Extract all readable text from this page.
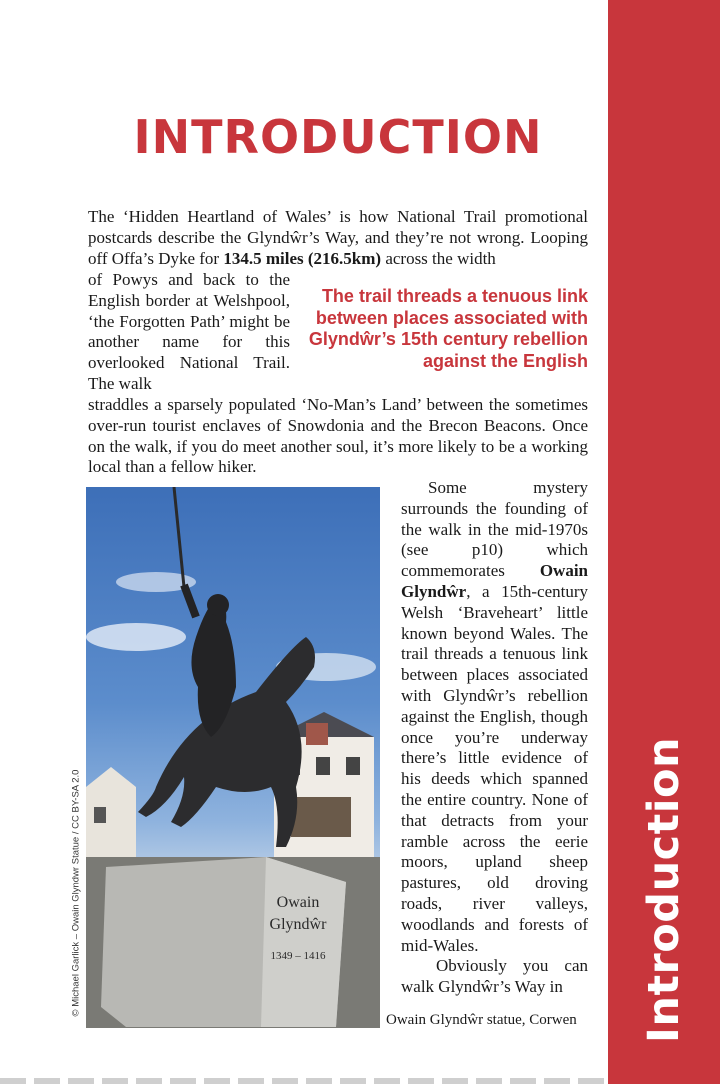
Introduction
INTRODUCTION

The ‘Hidden Heartland of Wales’ is how National Trail promotional postcards describe the Glyndŵr’s Way, and they’re not wrong. Looping off Offa’s Dyke for 134.5 miles (216.5km) across the width

of Powys and back to the English border at Welshpool, ‘the Forgotten Path’ might be another name for this overlooked National Trail. The walk

The trail threads a tenuous link between places associated with Glyndŵr’s 15th century rebellion against the English

straddles a sparsely populated ‘No-Man’s Land’ between the sometimes over-run tourist enclaves of Snowdonia and the Brecon Beacons. Once on the walk, if you do meet another soul, it’s more likely to be a working local than a fellow hiker.

Owain
Glyndŵr
1349 – 1416
© Michael Garlick – Owain Glyndwr Statue / CC BY-SA 2.0

Some mystery surrounds the founding of the walk in the mid-1970s (see p10) which commemorates Owain Glyndŵr, a 15th-century Welsh ‘Braveheart’ little known beyond Wales. The trail threads a tenuous link between places associated with Glyndŵr’s rebellion against the English, though once you’re underway there’s little evidence of his deeds which spanned the entire country. None of that detracts from your ramble across the eerie moors, upland sheep pastures, old droving roads, river valleys, woodlands and forests of mid-Wales.

Obviously you can walk Glyndŵr’s Way in

Owain Glyndŵr statue, Corwen
